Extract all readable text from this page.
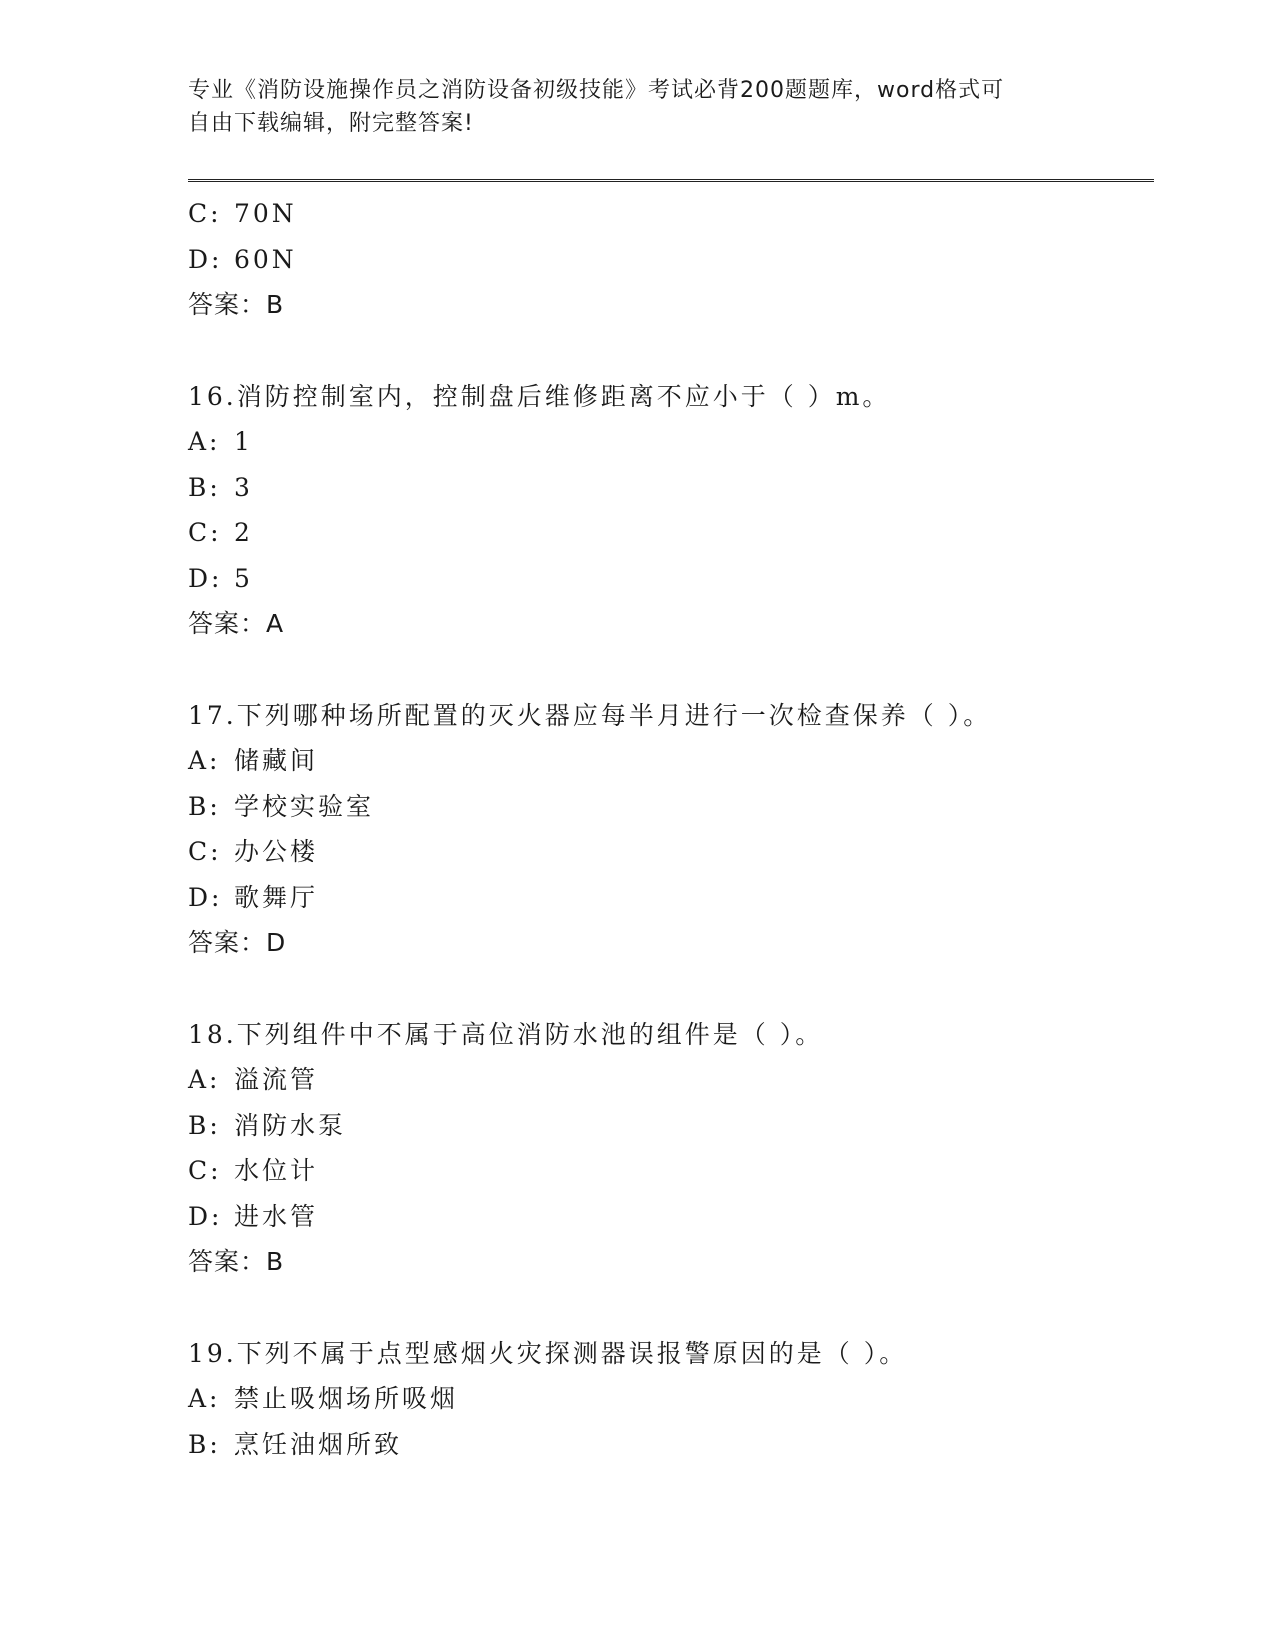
专业《消防设施操作员之消防设备初级技能》考试必背200题题库，word格式可
自由下载编辑，附完整答案!
C: 70N
D: 60N
答案：B
16.消防控制室内，控制盘后维修距离不应小于（ ）m。
A: 1
B: 3
C: 2
D: 5
答案：A
17.下列哪种场所配置的灭火器应每半月进行一次检查保养（ ）。
A: 储藏间
B: 学校实验室
C: 办公楼
D: 歌舞厅
答案：D
18.下列组件中不属于高位消防水池的组件是（ ）。
A: 溢流管
B: 消防水泵
C: 水位计
D: 进水管
答案：B
19.下列不属于点型感烟火灾探测器误报警原因的是（ ）。
A: 禁止吸烟场所吸烟
B: 烹饪油烟所致
